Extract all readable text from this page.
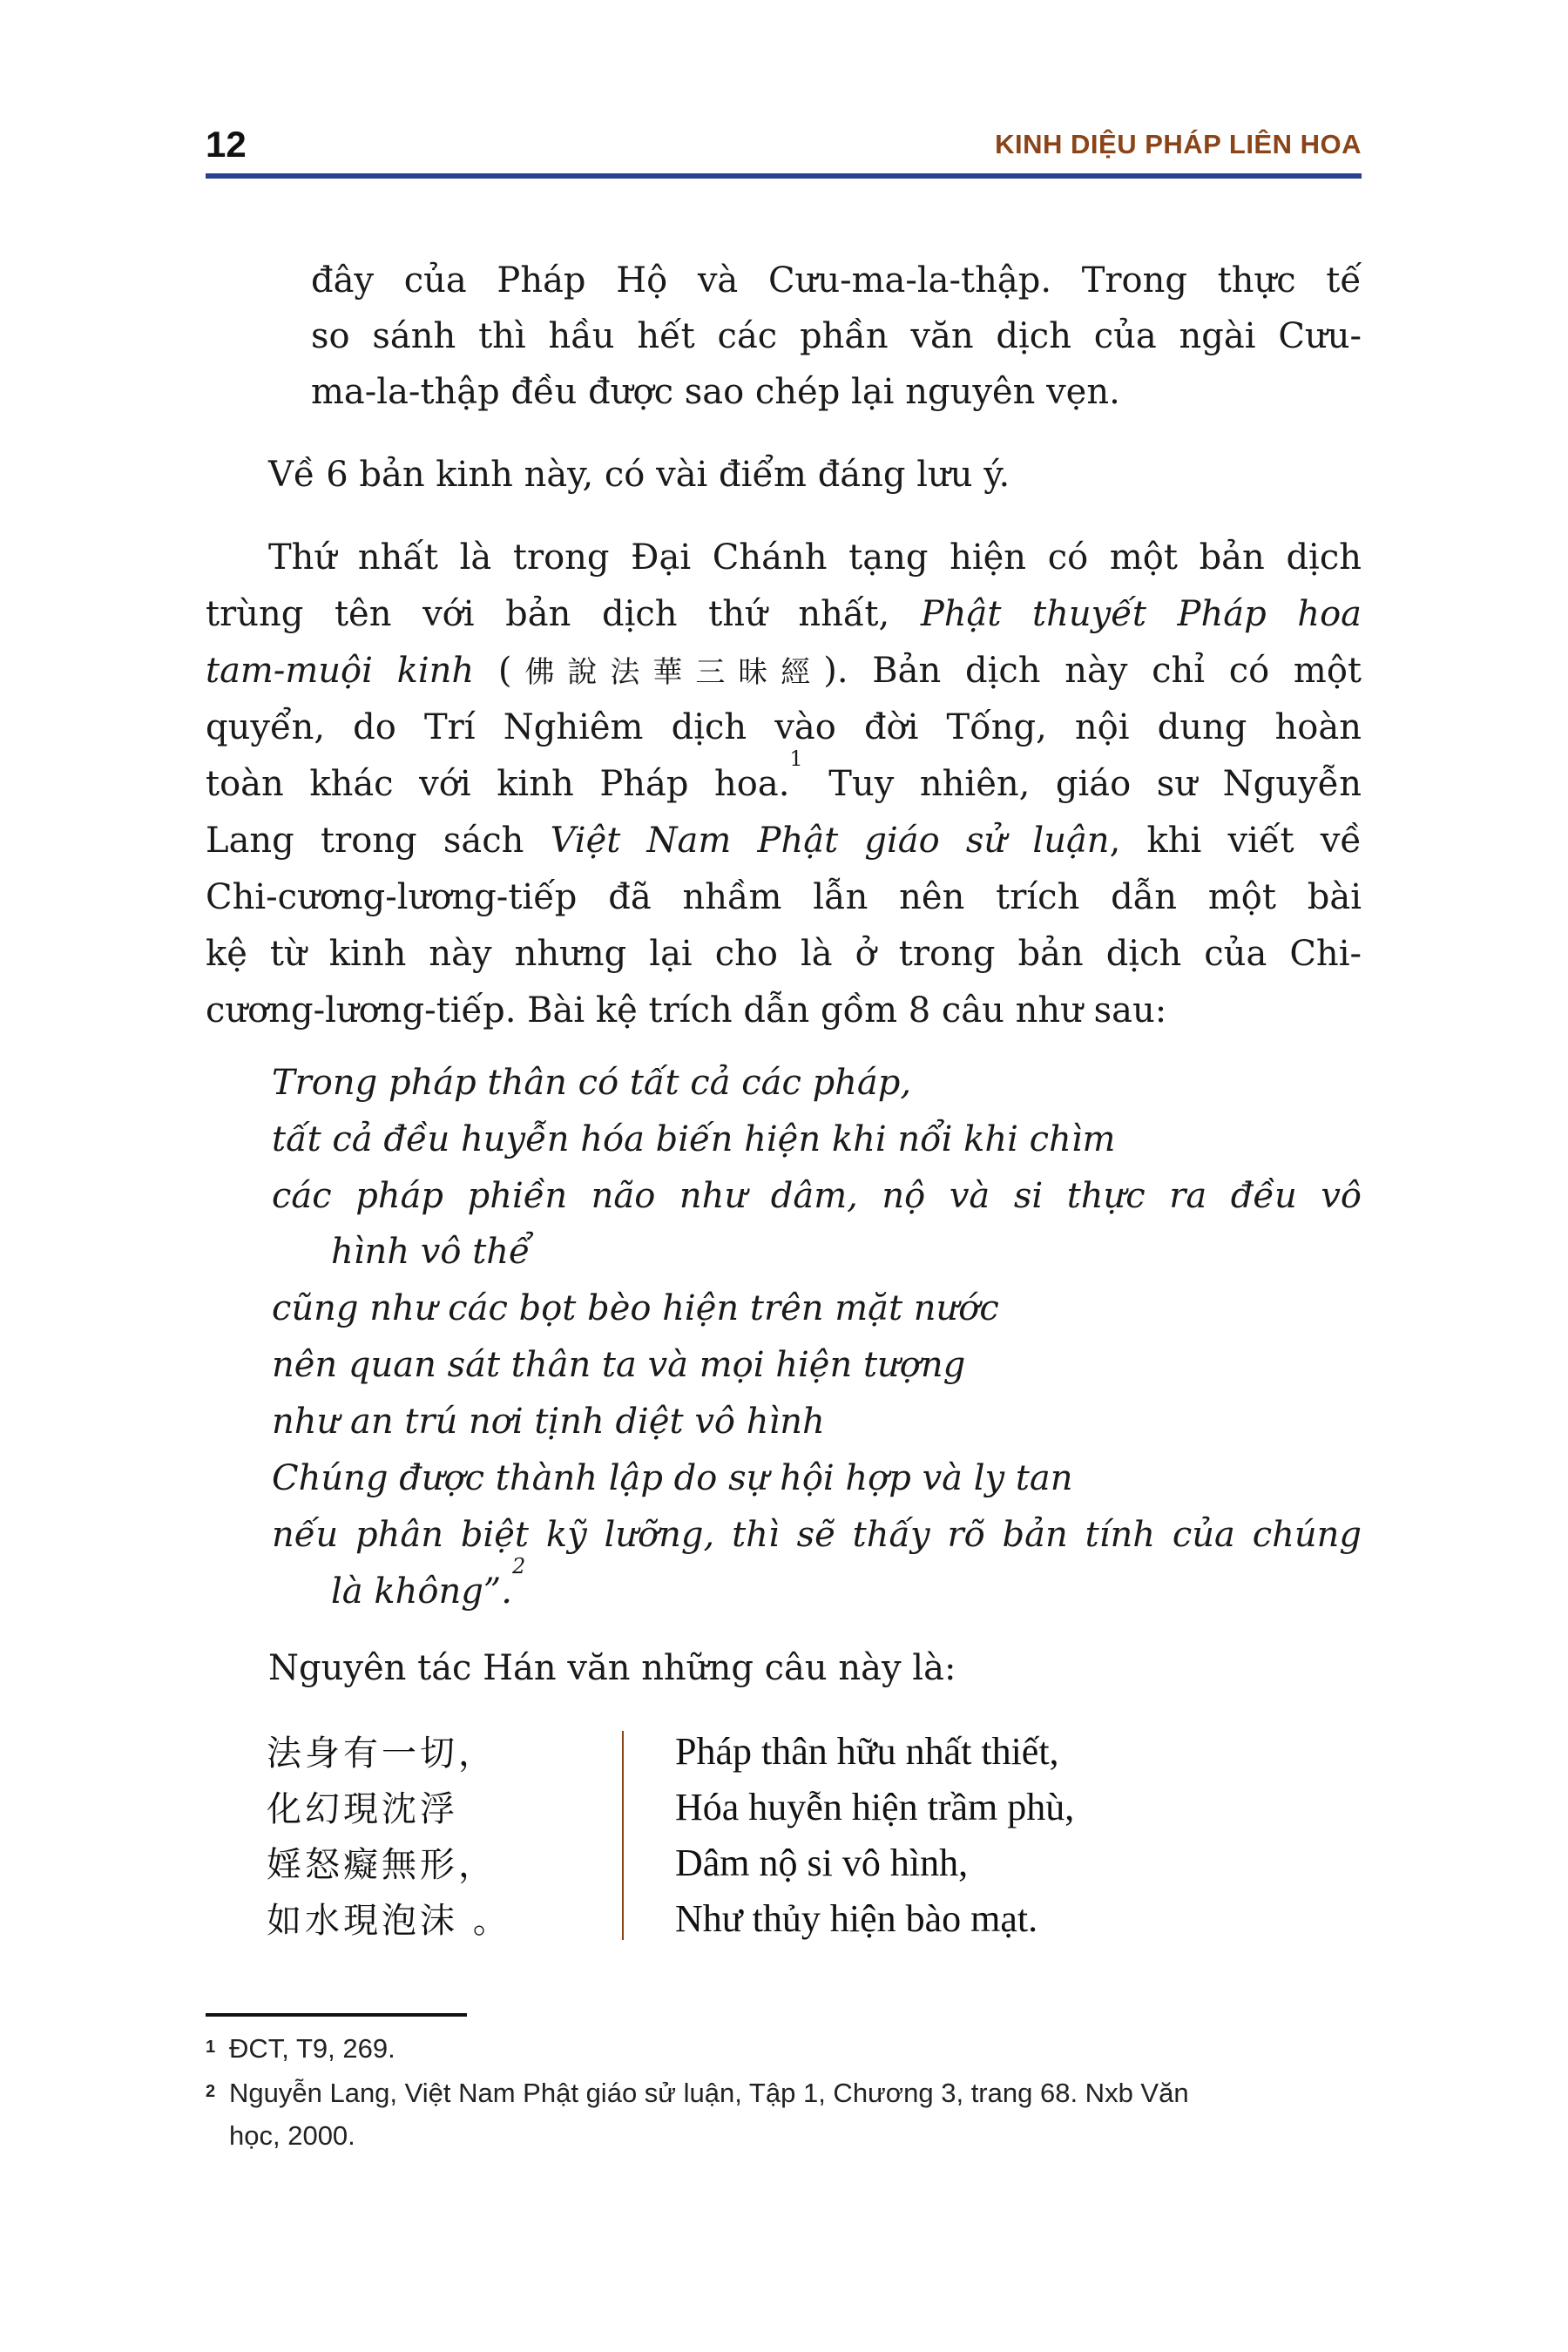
12	KINH DIỆU PHÁP LIÊN HOA
đây của Pháp Hộ và Cưu-ma-la-thập. Trong thực tế
so sánh thì hầu hết các phần văn dịch của ngài Cưu-
ma-la-thập đều được sao chép lại nguyên vẹn.
Về 6 bản kinh này, có vài điểm đáng lưu ý.
Thứ nhất là trong Đại Chánh tạng hiện có một bản dịch
trùng tên với bản dịch thứ nhất, Phật thuyết Pháp hoa
tam-muội kinh (佛說法華三昧經). Bản dịch này chỉ có một
quyển, do Trí Nghiêm dịch vào đời Tống, nội dung hoàn
toàn khác với kinh Pháp hoa.$^1$ Tuy nhiên, giáo sư Nguyễn
Lang trong sách Việt Nam Phật giáo sử luận, khi viết về
Chi-cương-lương-tiếp đã nhầm lẫn nên trích dẫn một bài
kệ từ kinh này nhưng lại cho là ở trong bản dịch của Chi-
cương-lương-tiếp. Bài kệ trích dẫn gồm 8 câu như sau:
Trong pháp thân có tất cả các pháp,
tất cả đều huyễn hóa biến hiện khi nổi khi chìm
các pháp phiền não như dâm, nộ và si thực ra đều vô
hình vô thể
cũng như các bọt bèo hiện trên mặt nước
nên quan sát thân ta và mọi hiện tượng
như an trú nơi tịnh diệt vô hình
Chúng được thành lập do sự hội hợp và ly tan
nếu phân biệt kỹ lưỡng, thì sẽ thấy rõ bản tính của chúng
là không”.$^2$
Nguyên tác Hán văn những câu này là:
法身有一切，	Pháp thân hữu nhất thiết,
化幻現沈浮	Hóa huyễn hiện trầm phù,
婬怒癡無形，	Dâm nộ si vô hình,
如水現泡沫 。	Như thủy hiện bào mạt.
1 ĐCT, T9, 269.
2 Nguyễn Lang, Việt Nam Phật giáo sử luận, Tập 1, Chương 3, trang 68. Nxb Văn
học, 2000.
